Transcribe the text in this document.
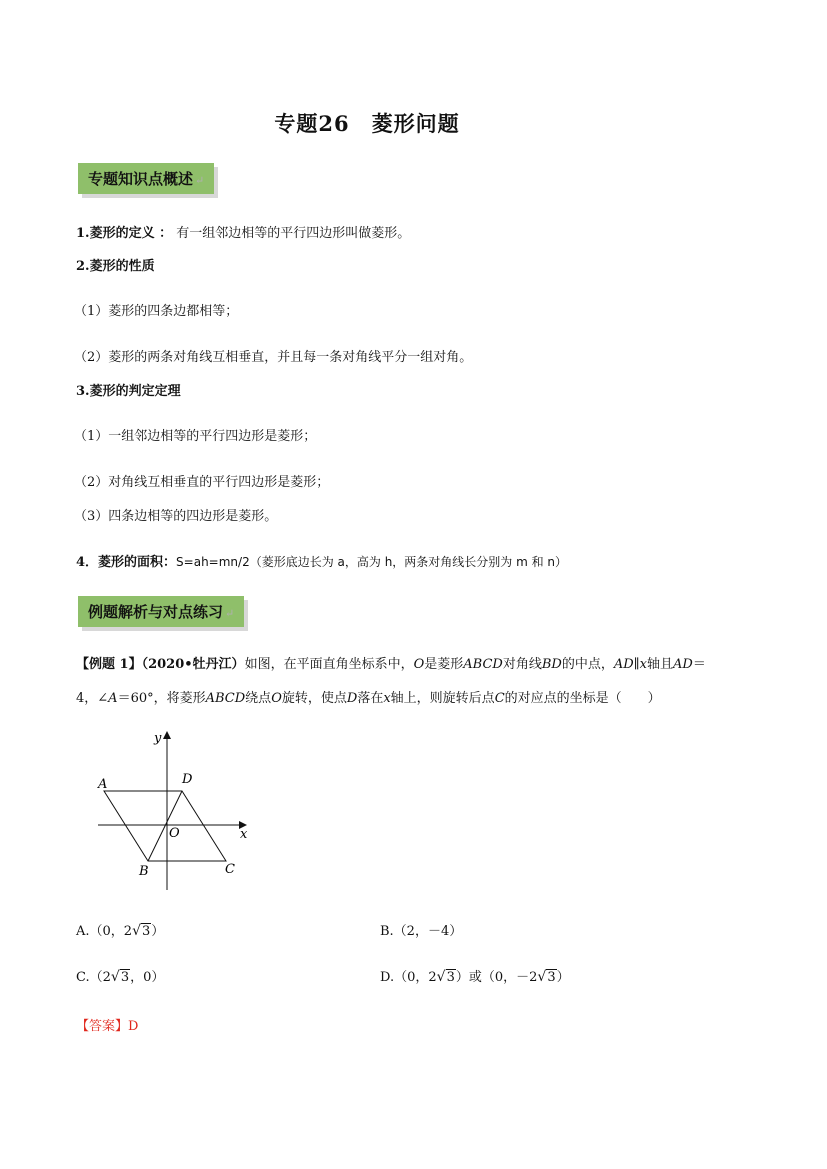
专题26　菱形问题
专题知识点概述 ↵
1.菱形的定义 ： 有一组邻边相等的平行四边形叫做菱形。
2.菱形的性质
（1）菱形的四条边都相等；
（2）菱形的两条对角线互相垂直，并且每一条对角线平分一组对角。
3.菱形的判定定理
（1）一组邻边相等的平行四边形是菱形；
（2）对角线互相垂直的平行四边形是菱形；
（3）四条边相等的四边形是菱形。
4．菱形的面积：S=ah=mn/2（菱形底边长为 a，高为 h，两条对角线长分别为 m 和 n）
例题解析与对点练习 ↵
【例题 1】（2020•牡丹江）如图，在平面直角坐标系中，O是菱形ABCD对角线BD的中点，AD∥x轴且AD＝
4，∠A＝60°，将菱形ABCD绕点O旋转，使点D落在x轴上，则旋转后点C的对应点的坐标是（　　）
y
x
A	D
O
B	C
A.（0，2√3）	B.（2，－4）
C.（2√3，0）	D.（0，2√3）或（0，－2√3）
【答案】D
